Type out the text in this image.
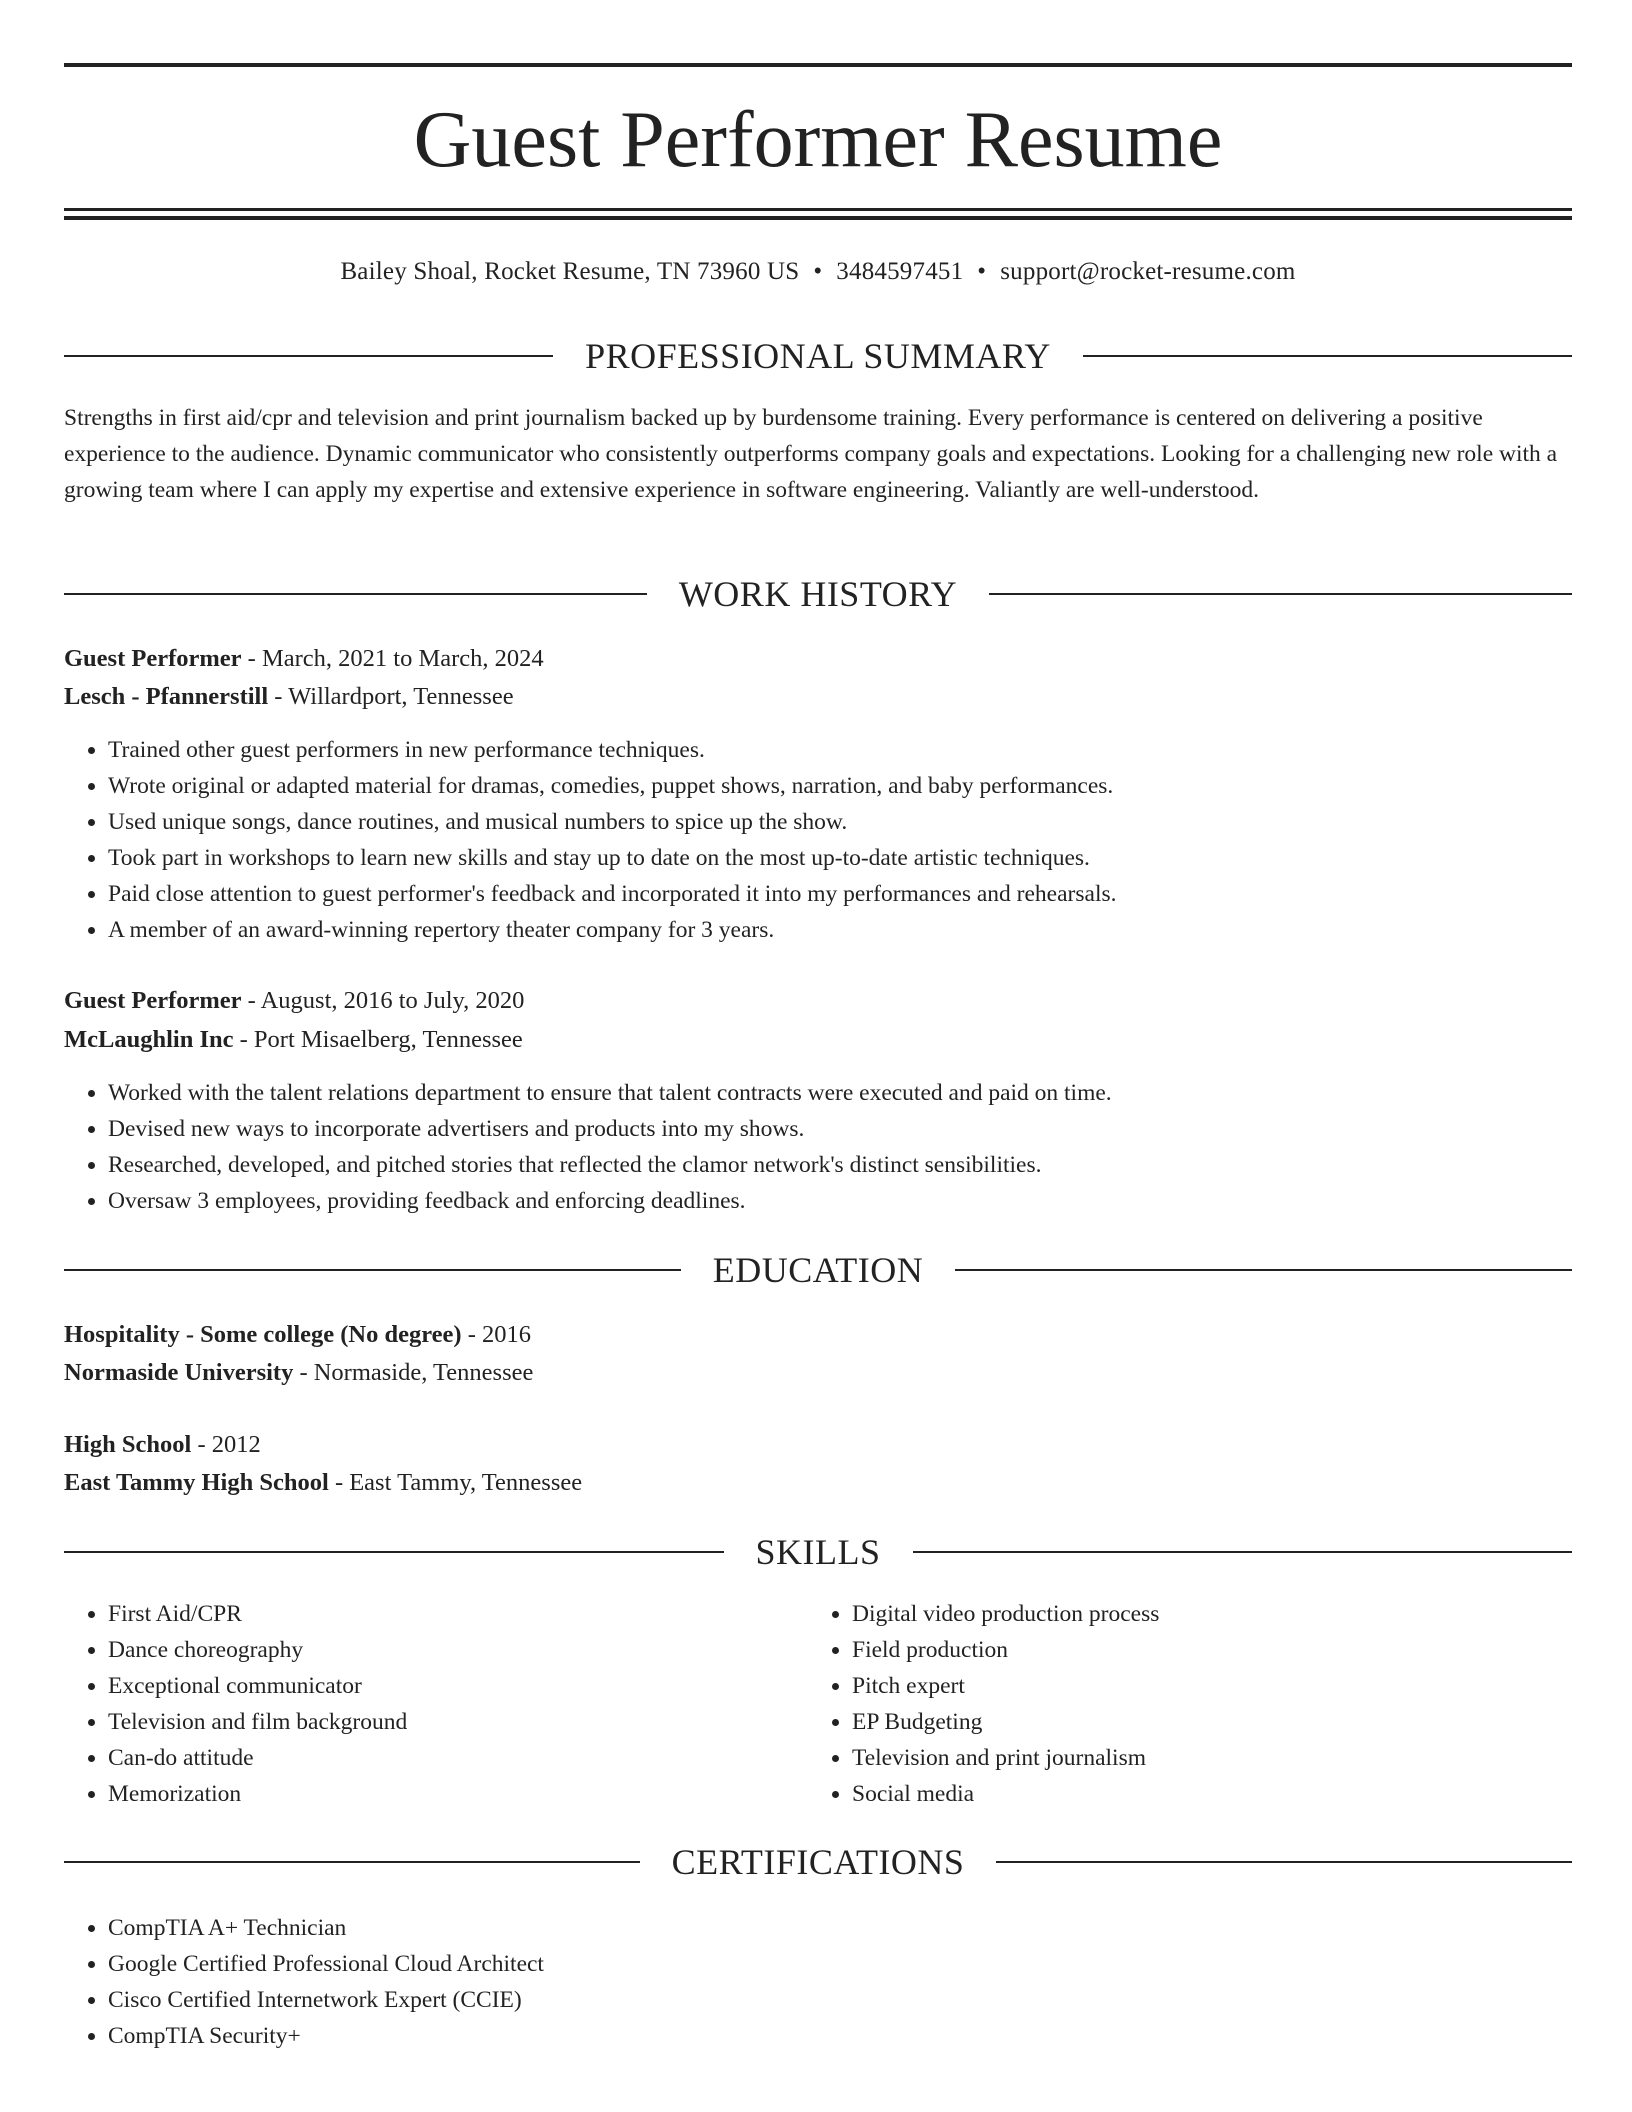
Guest Performer Resume
Bailey Shoal, Rocket Resume, TN 73960 US • 3484597451 • support@rocket-resume.com
PROFESSIONAL SUMMARY

Strengths in first aid/cpr and television and print journalism backed up by burdensome training. Every performance is centered on delivering a positive experience to the audience. Dynamic communicator who consistently outperforms company goals and expectations. Looking for a challenging new role with a growing team where I can apply my expertise and extensive experience in software engineering. Valiantly are well-understood.

WORK HISTORY
Guest Performer - March, 2021 to March, 2024
Lesch - Pfannerstill - Willardport, Tennessee
• Trained other guest performers in new performance techniques.
• Wrote original or adapted material for dramas, comedies, puppet shows, narration, and baby performances.
• Used unique songs, dance routines, and musical numbers to spice up the show.
• Took part in workshops to learn new skills and stay up to date on the most up-to-date artistic techniques.
• Paid close attention to guest performer's feedback and incorporated it into my performances and rehearsals.
• A member of an award-winning repertory theater company for 3 years.
Guest Performer - August, 2016 to July, 2020
McLaughlin Inc - Port Misaelberg, Tennessee
• Worked with the talent relations department to ensure that talent contracts were executed and paid on time.
• Devised new ways to incorporate advertisers and products into my shows.
• Researched, developed, and pitched stories that reflected the clamor network's distinct sensibilities.
• Oversaw 3 employees, providing feedback and enforcing deadlines.
EDUCATION
Hospitality - Some college (No degree) - 2016
Normaside University - Normaside, Tennessee
High School - 2012
East Tammy High School - East Tammy, Tennessee
SKILLS
• First Aid/CPR
• Dance choreography
• Exceptional communicator
• Television and film background
• Can-do attitude
• Memorization
• Digital video production process
• Field production
• Pitch expert
• EP Budgeting
• Television and print journalism
• Social media
CERTIFICATIONS
• CompTIA A+ Technician
• Google Certified Professional Cloud Architect
• Cisco Certified Internetwork Expert (CCIE)
• CompTIA Security+
